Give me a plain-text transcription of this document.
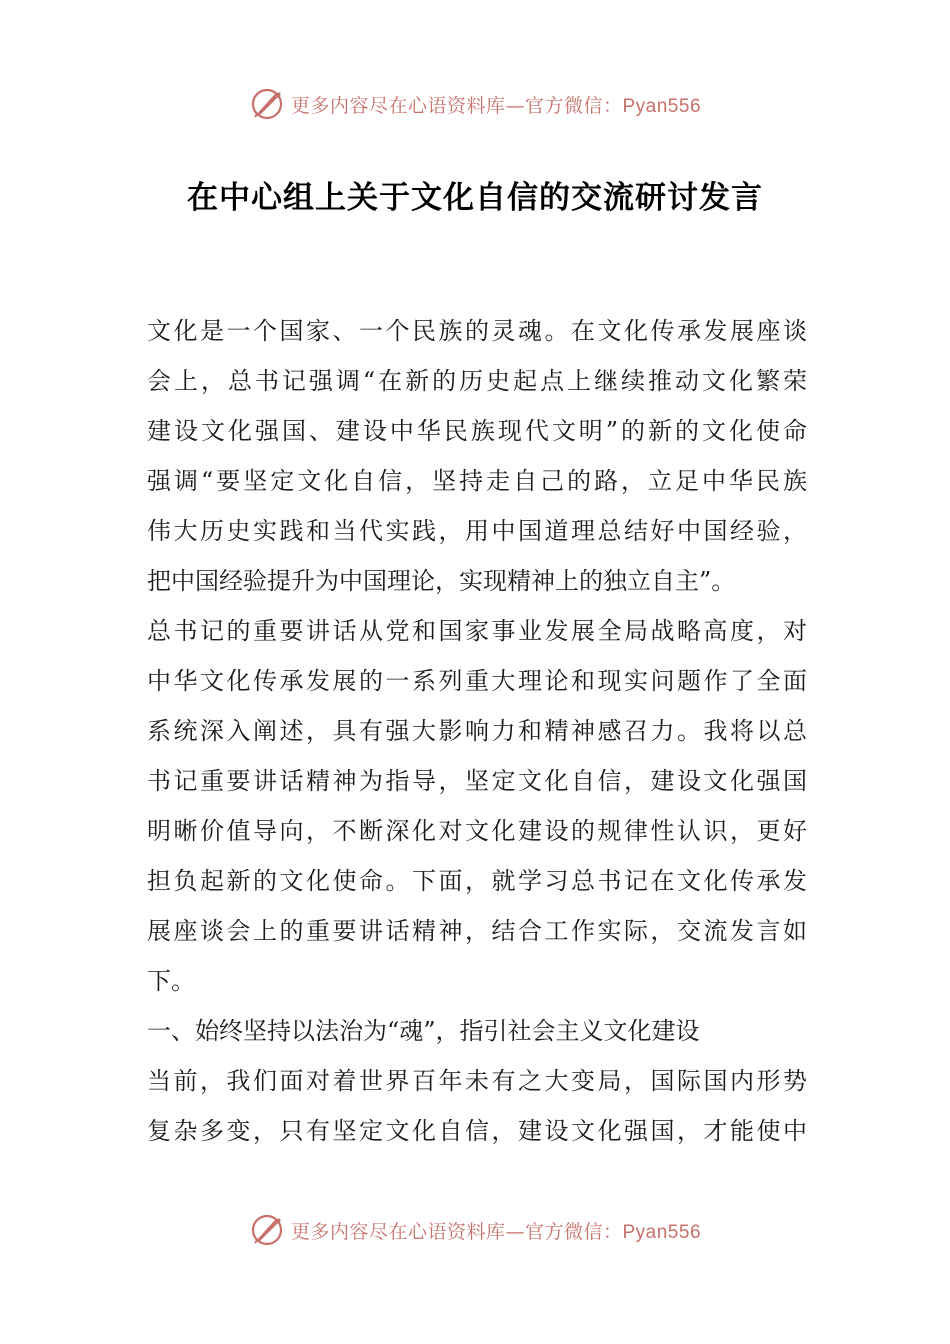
更多内容尽在心语资料库—官方微信：Pyan556
在中心组上关于文化自信的交流研讨发言
文化是一个国家、一个民族的灵魂。在文化传承发展座谈
会上，总书记强调“在新的历史起点上继续推动文化繁荣
建设文化强国、建设中华民族现代文明”的新的文化使命
强调“要坚定文化自信，坚持走自己的路，立足中华民族
伟大历史实践和当代实践，用中国道理总结好中国经验，
把中国经验提升为中国理论，实现精神上的独立自主”。
总书记的重要讲话从党和国家事业发展全局战略高度，对
中华文化传承发展的一系列重大理论和现实问题作了全面
系统深入阐述，具有强大影响力和精神感召力。我将以总
书记重要讲话精神为指导，坚定文化自信，建设文化强国
明晰价值导向，不断深化对文化建设的规律性认识，更好
担负起新的文化使命。下面，就学习总书记在文化传承发
展座谈会上的重要讲话精神，结合工作实际，交流发言如
下。
一、始终坚持以法治为“魂”，指引社会主义文化建设
当前，我们面对着世界百年未有之大变局，国际国内形势
复杂多变，只有坚定文化自信，建设文化强国，才能使中
更多内容尽在心语资料库—官方微信：Pyan556
